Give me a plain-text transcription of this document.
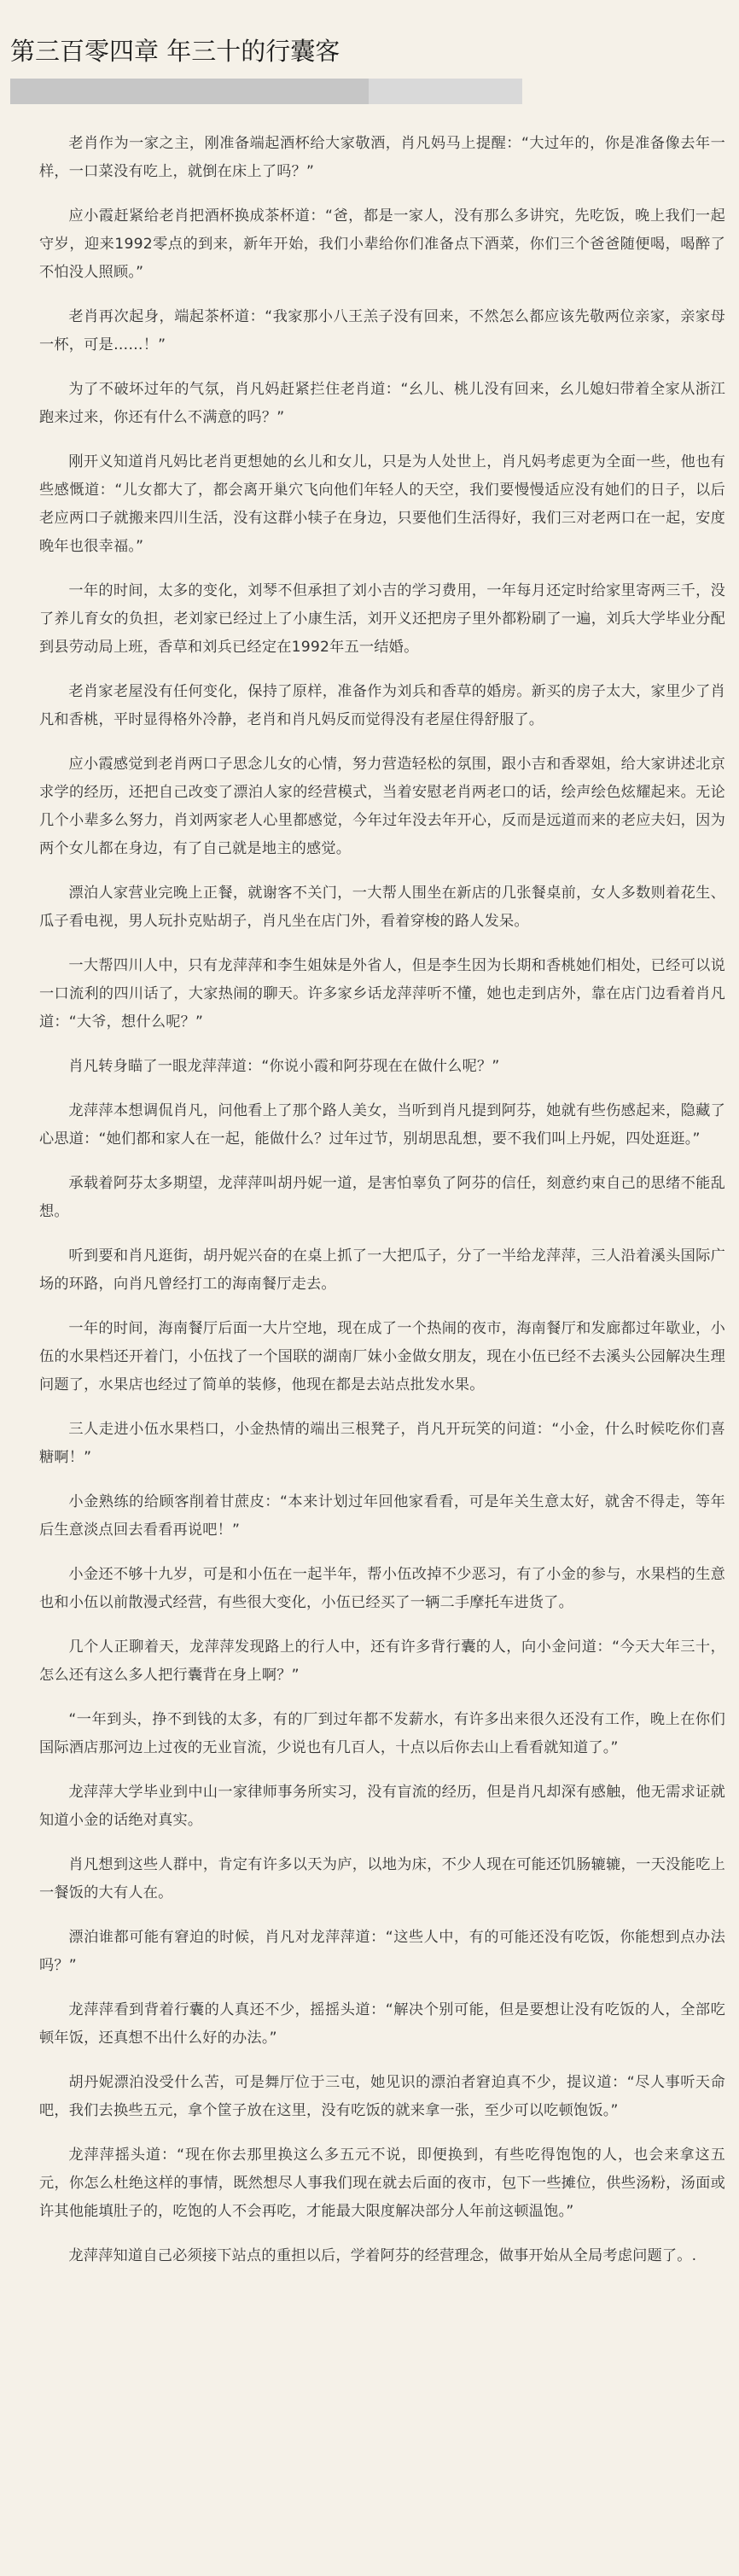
第三百零四章 年三十的行囊客

老肖作为一家之主，刚准备端起酒杯给大家敬酒，肖凡妈马上提醒：“大过年的，你是准备像去年一样，一口菜没有吃上，就倒在床上了吗？”

应小霞赶紧给老肖把酒杯换成茶杯道：“爸，都是一家人，没有那么多讲究，先吃饭，晚上我们一起守岁，迎来1992零点的到来，新年开始，我们小辈给你们准备点下酒菜，你们三个爸爸随便喝，喝醉了不怕没人照顾。”

老肖再次起身，端起茶杯道：“我家那小八王羔子没有回来，不然怎么都应该先敬两位亲家，亲家母一杯，可是……！”

为了不破坏过年的气氛，肖凡妈赶紧拦住老肖道：“幺儿、桃儿没有回来，幺儿媳妇带着全家从浙江跑来过来，你还有什么不满意的吗？”

刚开义知道肖凡妈比老肖更想她的幺儿和女儿，只是为人处世上，肖凡妈考虑更为全面一些，他也有些感慨道：“儿女都大了，都会离开巢穴飞向他们年轻人的天空，我们要慢慢适应没有她们的日子，以后老应两口子就搬来四川生活，没有这群小犊子在身边，只要他们生活得好，我们三对老两口在一起，安度晚年也很幸福。”

一年的时间，太多的变化，刘琴不但承担了刘小吉的学习费用，一年每月还定时给家里寄两三千，没了养儿育女的负担，老刘家已经过上了小康生活，刘开义还把房子里外都粉刷了一遍，刘兵大学毕业分配到县劳动局上班，香草和刘兵已经定在1992年五一结婚。

老肖家老屋没有任何变化，保持了原样，准备作为刘兵和香草的婚房。新买的房子太大，家里少了肖凡和香桃，平时显得格外冷静，老肖和肖凡妈反而觉得没有老屋住得舒服了。

应小霞感觉到老肖两口子思念儿女的心情，努力营造轻松的氛围，跟小吉和香翠姐，给大家讲述北京求学的经历，还把自己改变了漂泊人家的经营模式，当着安慰老肖两老口的话，绘声绘色炫耀起来。无论几个小辈多么努力，肖刘两家老人心里都感觉，今年过年没去年开心，反而是远道而来的老应夫妇，因为两个女儿都在身边，有了自己就是地主的感觉。

漂泊人家营业完晚上正餐，就谢客不关门，一大帮人围坐在新店的几张餐桌前，女人多数则着花生、瓜子看电视，男人玩扑克贴胡子，肖凡坐在店门外，看着穿梭的路人发呆。

一大帮四川人中，只有龙萍萍和李生姐妹是外省人，但是李生因为长期和香桃她们相处，已经可以说一口流利的四川话了，大家热闹的聊天。许多家乡话龙萍萍听不懂，她也走到店外，靠在店门边看着肖凡道：“大爷，想什么呢？”

肖凡转身瞄了一眼龙萍萍道：“你说小霞和阿芬现在在做什么呢？”

龙萍萍本想调侃肖凡，问他看上了那个路人美女，当听到肖凡提到阿芬，她就有些伤感起来，隐藏了心思道：“她们都和家人在一起，能做什么？过年过节，别胡思乱想，要不我们叫上丹妮，四处逛逛。”

承载着阿芬太多期望，龙萍萍叫胡丹妮一道，是害怕辜负了阿芬的信任，刻意约束自己的思绪不能乱想。

听到要和肖凡逛街，胡丹妮兴奋的在桌上抓了一大把瓜子，分了一半给龙萍萍，三人沿着溪头国际广场的环路，向肖凡曾经打工的海南餐厅走去。

一年的时间，海南餐厅后面一大片空地，现在成了一个热闹的夜市，海南餐厅和发廊都过年歇业，小伍的水果档还开着门，小伍找了一个国联的湖南厂妹小金做女朋友，现在小伍已经不去溪头公园解决生理问题了，水果店也经过了简单的装修，他现在都是去站点批发水果。

三人走进小伍水果档口，小金热情的端出三根凳子，肖凡开玩笑的问道：“小金，什么时候吃你们喜糖啊！”

小金熟练的给顾客削着甘蔗皮：“本来计划过年回他家看看，可是年关生意太好，就舍不得走，等年后生意淡点回去看看再说吧！”

小金还不够十九岁，可是和小伍在一起半年，帮小伍改掉不少恶习，有了小金的参与，水果档的生意也和小伍以前散漫式经营，有些很大变化，小伍已经买了一辆二手摩托车进货了。

几个人正聊着天，龙萍萍发现路上的行人中，还有许多背行囊的人，向小金问道：“今天大年三十，怎么还有这么多人把行囊背在身上啊？”

“一年到头，挣不到钱的太多，有的厂到过年都不发薪水，有许多出来很久还没有工作，晚上在你们国际酒店那河边上过夜的无业盲流，少说也有几百人，十点以后你去山上看看就知道了。”

龙萍萍大学毕业到中山一家律师事务所实习，没有盲流的经历，但是肖凡却深有感触，他无需求证就知道小金的话绝对真实。

肖凡想到这些人群中，肯定有许多以天为庐，以地为床，不少人现在可能还饥肠辘辘，一天没能吃上一餐饭的大有人在。

漂泊谁都可能有窘迫的时候，肖凡对龙萍萍道：“这些人中，有的可能还没有吃饭，你能想到点办法吗？”

龙萍萍看到背着行囊的人真还不少，摇摇头道：“解决个别可能，但是要想让没有吃饭的人，全部吃顿年饭，还真想不出什么好的办法。”

胡丹妮漂泊没受什么苦，可是舞厅位于三屯，她见识的漂泊者窘迫真不少，提议道：“尽人事听天命吧，我们去换些五元，拿个筐子放在这里，没有吃饭的就来拿一张，至少可以吃顿饱饭。”

龙萍萍摇头道：“现在你去那里换这么多五元不说，即便换到，有些吃得饱饱的人，也会来拿这五元，你怎么杜绝这样的事情，既然想尽人事我们现在就去后面的夜市，包下一些摊位，供些汤粉，汤面或许其他能填肚子的，吃饱的人不会再吃，才能最大限度解决部分人年前这顿温饱。”

龙萍萍知道自己必须接下站点的重担以后，学着阿芬的经营理念，做事开始从全局考虑问题了。.
